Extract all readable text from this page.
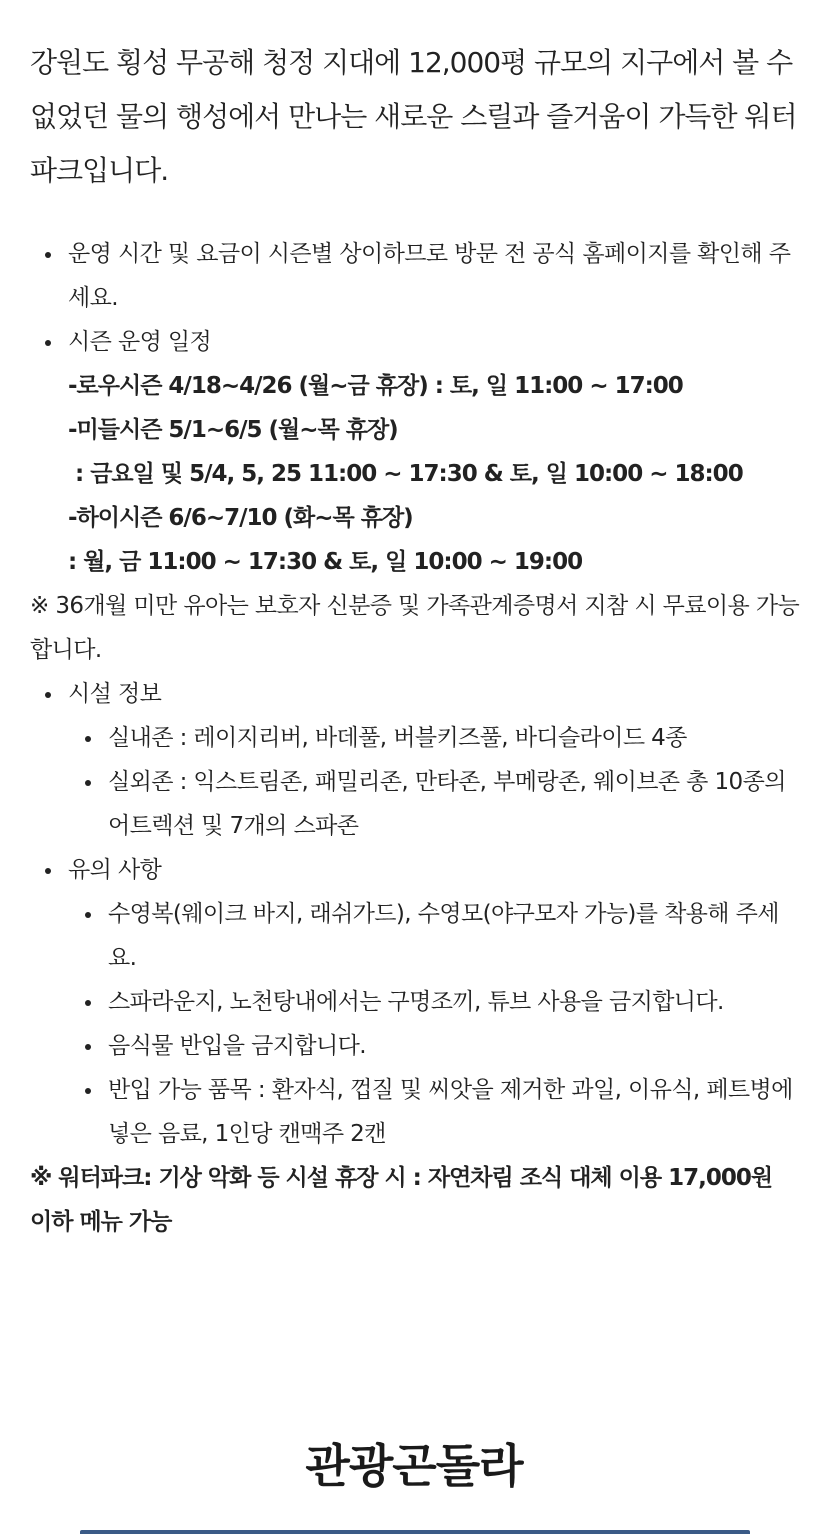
강원도 횡성 무공해 청정 지대에 12,000평 규모의 지구에서 볼 수 없었던 물의 행성에서 만나는 새로운 스릴과 즐거움이 가득한 워터파크입니다.

운영 시간 및 요금이 시즌별 상이하므로 방문 전 공식 홈페이지를 확인해 주세요.
시즌 운영 일정
-로우시즌 4/18~4/26 (월~금 휴장) : 토, 일 11:00 ~ 17:00
-미들시즌 5/1~6/5 (월~목 휴장)
: 금요일 및 5/4, 5, 25 11:00 ~ 17:30 & 토, 일 10:00 ~ 18:00
-하이시즌 6/6~7/10 (화~목 휴장)
: 월, 금 11:00 ~ 17:30 & 토, 일 10:00 ~ 19:00
※ 36개월 미만 유아는 보호자 신분증 및 가족관계증명서 지참 시 무료이용 가능합니다.
시설 정보
실내존 : 레이지리버, 바데풀, 버블키즈풀, 바디슬라이드 4종
실외존 : 익스트림존, 패밀리존, 만타존, 부메랑존, 웨이브존 총 10종의 어트렉션 및 7개의 스파존
유의 사항
수영복(웨이크 바지, 래쉬가드), 수영모(야구모자 가능)를 착용해 주세요.
스파라운지, 노천탕내에서는 구명조끼, 튜브 사용을 금지합니다.
음식물 반입을 금지합니다.
반입 가능 품목 : 환자식, 껍질 및 씨앗을 제거한 과일, 이유식, 페트병에 넣은 음료, 1인당 캔맥주 2캔
※ 워터파크: 기상 악화 등 시설 휴장 시 : 자연차림 조식 대체 이용 17,000원 이하 메뉴 가능
관광곤돌라
